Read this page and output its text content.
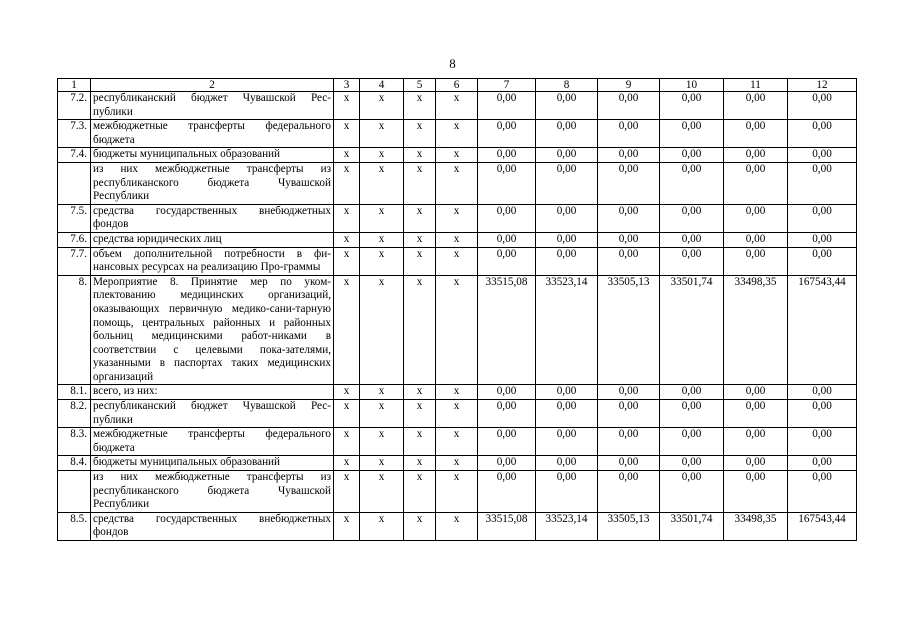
8
1	2	3	4	5	6	7	8	9	10	11	12
7.2.	республиканский бюджет Чувашской Рес-публики	x	x	x	x	0,00	0,00	0,00	0,00	0,00	0,00
7.3.	межбюджетные трансферты федерального бюджета	x	x	x	x	0,00	0,00	0,00	0,00	0,00	0,00
7.4.	бюджеты муниципальных образований	x	x	x	x	0,00	0,00	0,00	0,00	0,00	0,00
	из них межбюджетные трансферты из республиканского бюджета Чувашской Республики	x	x	x	x	0,00	0,00	0,00	0,00	0,00	0,00
7.5.	средства государственных внебюджетных фондов	x	x	x	x	0,00	0,00	0,00	0,00	0,00	0,00
7.6.	средства юридических лиц	x	x	x	x	0,00	0,00	0,00	0,00	0,00	0,00
7.7.	объем дополнительной потребности в фи-нансовых ресурсах на реализацию Про-граммы	x	x	x	x	0,00	0,00	0,00	0,00	0,00	0,00
8.	Мероприятие 8. Принятие мер по уком-плектованию медицинских организаций, оказывающих первичную медико-сани-тарную помощь, центральных районных и районных больниц медицинскими работ-никами в соответствии с целевыми пока-зателями, указанными в паспортах таких медицинских организаций	x	x	x	x	33515,08	33523,14	33505,13	33501,74	33498,35	167543,44
8.1.	всего, из них:	x	x	x	x	0,00	0,00	0,00	0,00	0,00	0,00
8.2.	республиканский бюджет Чувашской Рес-публики	x	x	x	x	0,00	0,00	0,00	0,00	0,00	0,00
8.3.	межбюджетные трансферты федерального бюджета	x	x	x	x	0,00	0,00	0,00	0,00	0,00	0,00
8.4.	бюджеты муниципальных образований	x	x	x	x	0,00	0,00	0,00	0,00	0,00	0,00
	из них межбюджетные трансферты из республиканского бюджета Чувашской Республики	x	x	x	x	0,00	0,00	0,00	0,00	0,00	0,00
8.5.	средства государственных внебюджетных фондов	x	x	x	x	33515,08	33523,14	33505,13	33501,74	33498,35	167543,44
